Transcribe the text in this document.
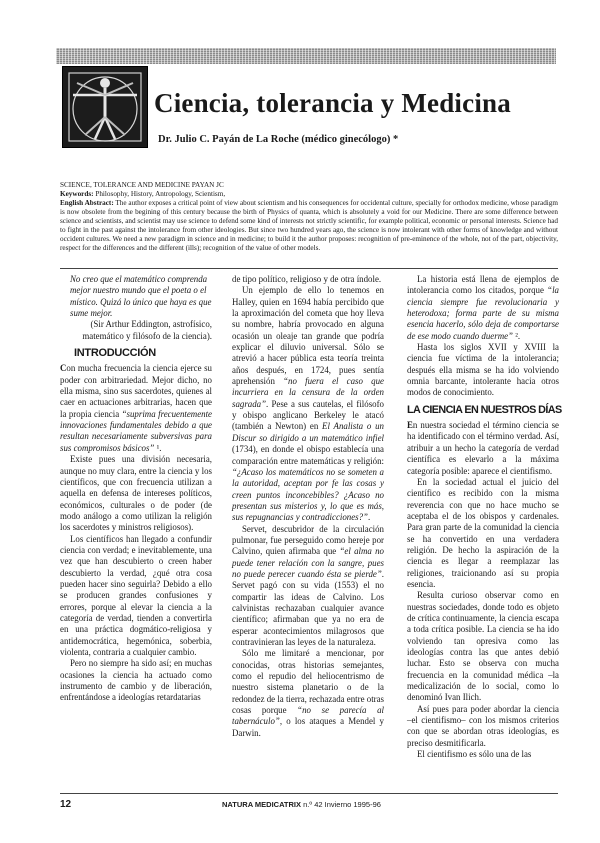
Ciencia, tolerancia y Medicina
Dr. Julio C. Payán de La Roche (médico ginecólogo) *
SCIENCE, TOLERANCE AND MEDICINE PAYAN JC
Keywords: Philosophy, History, Antropology, Scientism,
English Abstract: The author exposes a critical point of view about scientism and his consequences for occidental culture, specially for orthodox medicine, whose paradigm is now obsolete from the begining of this century because the birth of Physics of quanta, which is absolutely a void for our Medicine. There are some difference between science and scientists, and scientist may use science to defend some kind of interests not strictly scientific, for example political, economic or personal interests. Science had to fight in the past against the intolerance from other ideologies. But since two hundred years ago, the science is now intolerant with other forms of knowledge and without occident cultures. We need a new paradigm in science and in medicine; to build it the author proposes: recognition of pre-eminence of the whole, not of the part, objectivity, respect for the differences and the different (ills); recognition of the value of other models.

No creo que el matemático comprenda mejor nuestro mundo que el poeta o el místico. Quizá lo único que haya es que sume mejor.

(Sir Arthur Eddington, astrofísico, matemático y filósofo de la ciencia).

INTRODUCCIÓN

Con mucha frecuencia la ciencia ejerce su poder con arbitrariedad. Mejor dicho, no ella misma, sino sus sacerdotes, quienes al caer en actuaciones arbitrarias, hacen que la propia ciencia “suprima frecuentemente innovaciones fundamentales debido a que resultan necesariamente subversivas para sus compromisos básicos” ¹.

Existe pues una división necesaria, aunque no muy clara, entre la ciencia y los científicos, que con frecuencia utilizan a aquella en defensa de intereses políticos, económicos, culturales o de poder (de modo análogo a como utilizan la religión los sacerdotes y ministros religiosos).

Los científicos han llegado a confundir ciencia con verdad; e inevitablemente, una vez que han descubierto o creen haber descubierto la verdad, ¿qué otra cosa pueden hacer sino seguirla? Debido a ello se producen grandes confusiones y errores, porque al elevar la ciencia a la categoría de verdad, tienden a convertirla en una práctica dogmático-religiosa y antidemocrática, hegemónica, soberbia, violenta, contraria a cualquier cambio.

Pero no siempre ha sido así; en muchas ocasiones la ciencia ha actuado como instrumento de cambio y de liberación, enfrentándose a ideologías retardatarias

de tipo político, religioso y de otra índole.

Un ejemplo de ello lo tenemos en Halley, quien en 1694 había percibido que la aproximación del cometa que hoy lleva su nombre, habría provocado en alguna ocasión un oleaje tan grande que podría explicar el diluvio universal. Sólo se atrevió a hacer pública esta teoría treinta años después, en 1724, pues sentía aprehensión “no fuera el caso que incurriera en la censura de la orden sagrada”. Pese a sus cautelas, el filósofo y obispo anglicano Berkeley le atacó (también a Newton) en El Analista o un Discur so dirigido a un matemático infiel (1734), en donde el obispo establecía una comparación entre matemáticas y religión: “¿Acaso los matemáticos no se someten a la autoridad, aceptan por fe las cosas y creen puntos inconcebibles? ¿Acaso no presentan sus misterios y, lo que es más, sus repugnancias y contradicciones?”.

Servet, descubridor de la circulación pulmonar, fue perseguido como hereje por Calvino, quien afirmaba que “el alma no puede tener relación con la sangre, pues no puede perecer cuando ésta se pierde”. Servet pagó con su vida (1553) el no compartir las ideas de Calvino. Los calvinistas rechazaban cualquier avance científico; afirmaban que ya no era de esperar acontecimientos milagrosos que contravinieran las leyes de la naturaleza.

Sólo me limitaré a mencionar, por conocidas, otras historias semejantes, como el repudio del heliocentrismo de nuestro sistema planetario o de la redondez de la tierra, rechazada entre otras cosas porque “no se parecía al tabernáculo”, o los ataques a Mendel y Darwin.

La historia está llena de ejemplos de intolerancia como los citados, porque “la ciencia siempre fue revolucionaria y heterodoxa; forma parte de su misma esencia hacerlo, sólo deja de comportarse de ese modo cuando duerme” ².

Hasta los siglos XVII y XVIII la ciencia fue víctima de la intolerancia; después ella misma se ha ido volviendo omnia barcante, intolerante hacia otros modos de conocimiento.

LA CIENCIA EN NUESTROS DÍAS

En nuestra sociedad el término ciencia se ha identificado con el término verdad. Así, atribuir a un hecho la categoría de verdad científica es elevarlo a la máxima categoría posible: aparece el cientifismo.

En la sociedad actual el juicio del científico es recibido con la misma reverencia con que no hace mucho se aceptaba el de los obispos y cardenales. Para gran parte de la comunidad la ciencia se ha convertido en una verdadera religión. De hecho la aspiración de la ciencia es llegar a reemplazar las religiones, traicionando así su propia esencia.

Resulta curioso observar como en nuestras sociedades, donde todo es objeto de crítica continuamente, la ciencia escapa a toda crítica posible. La ciencia se ha ido volviendo tan opresiva como las ideologías contra las que antes debió luchar. Esto se observa con mucha frecuencia en la comunidad médica –la medicalización de lo social, como lo denominó Ivan Ilich.

Así pues para poder abordar la ciencia –el cientifismo– con los mismos criterios con que se abordan otras ideologías, es preciso desmitificarla.

El cientifismo es sólo una de las

12	NATURA MEDICATRIX n.º 42 Invierno 1995-96
